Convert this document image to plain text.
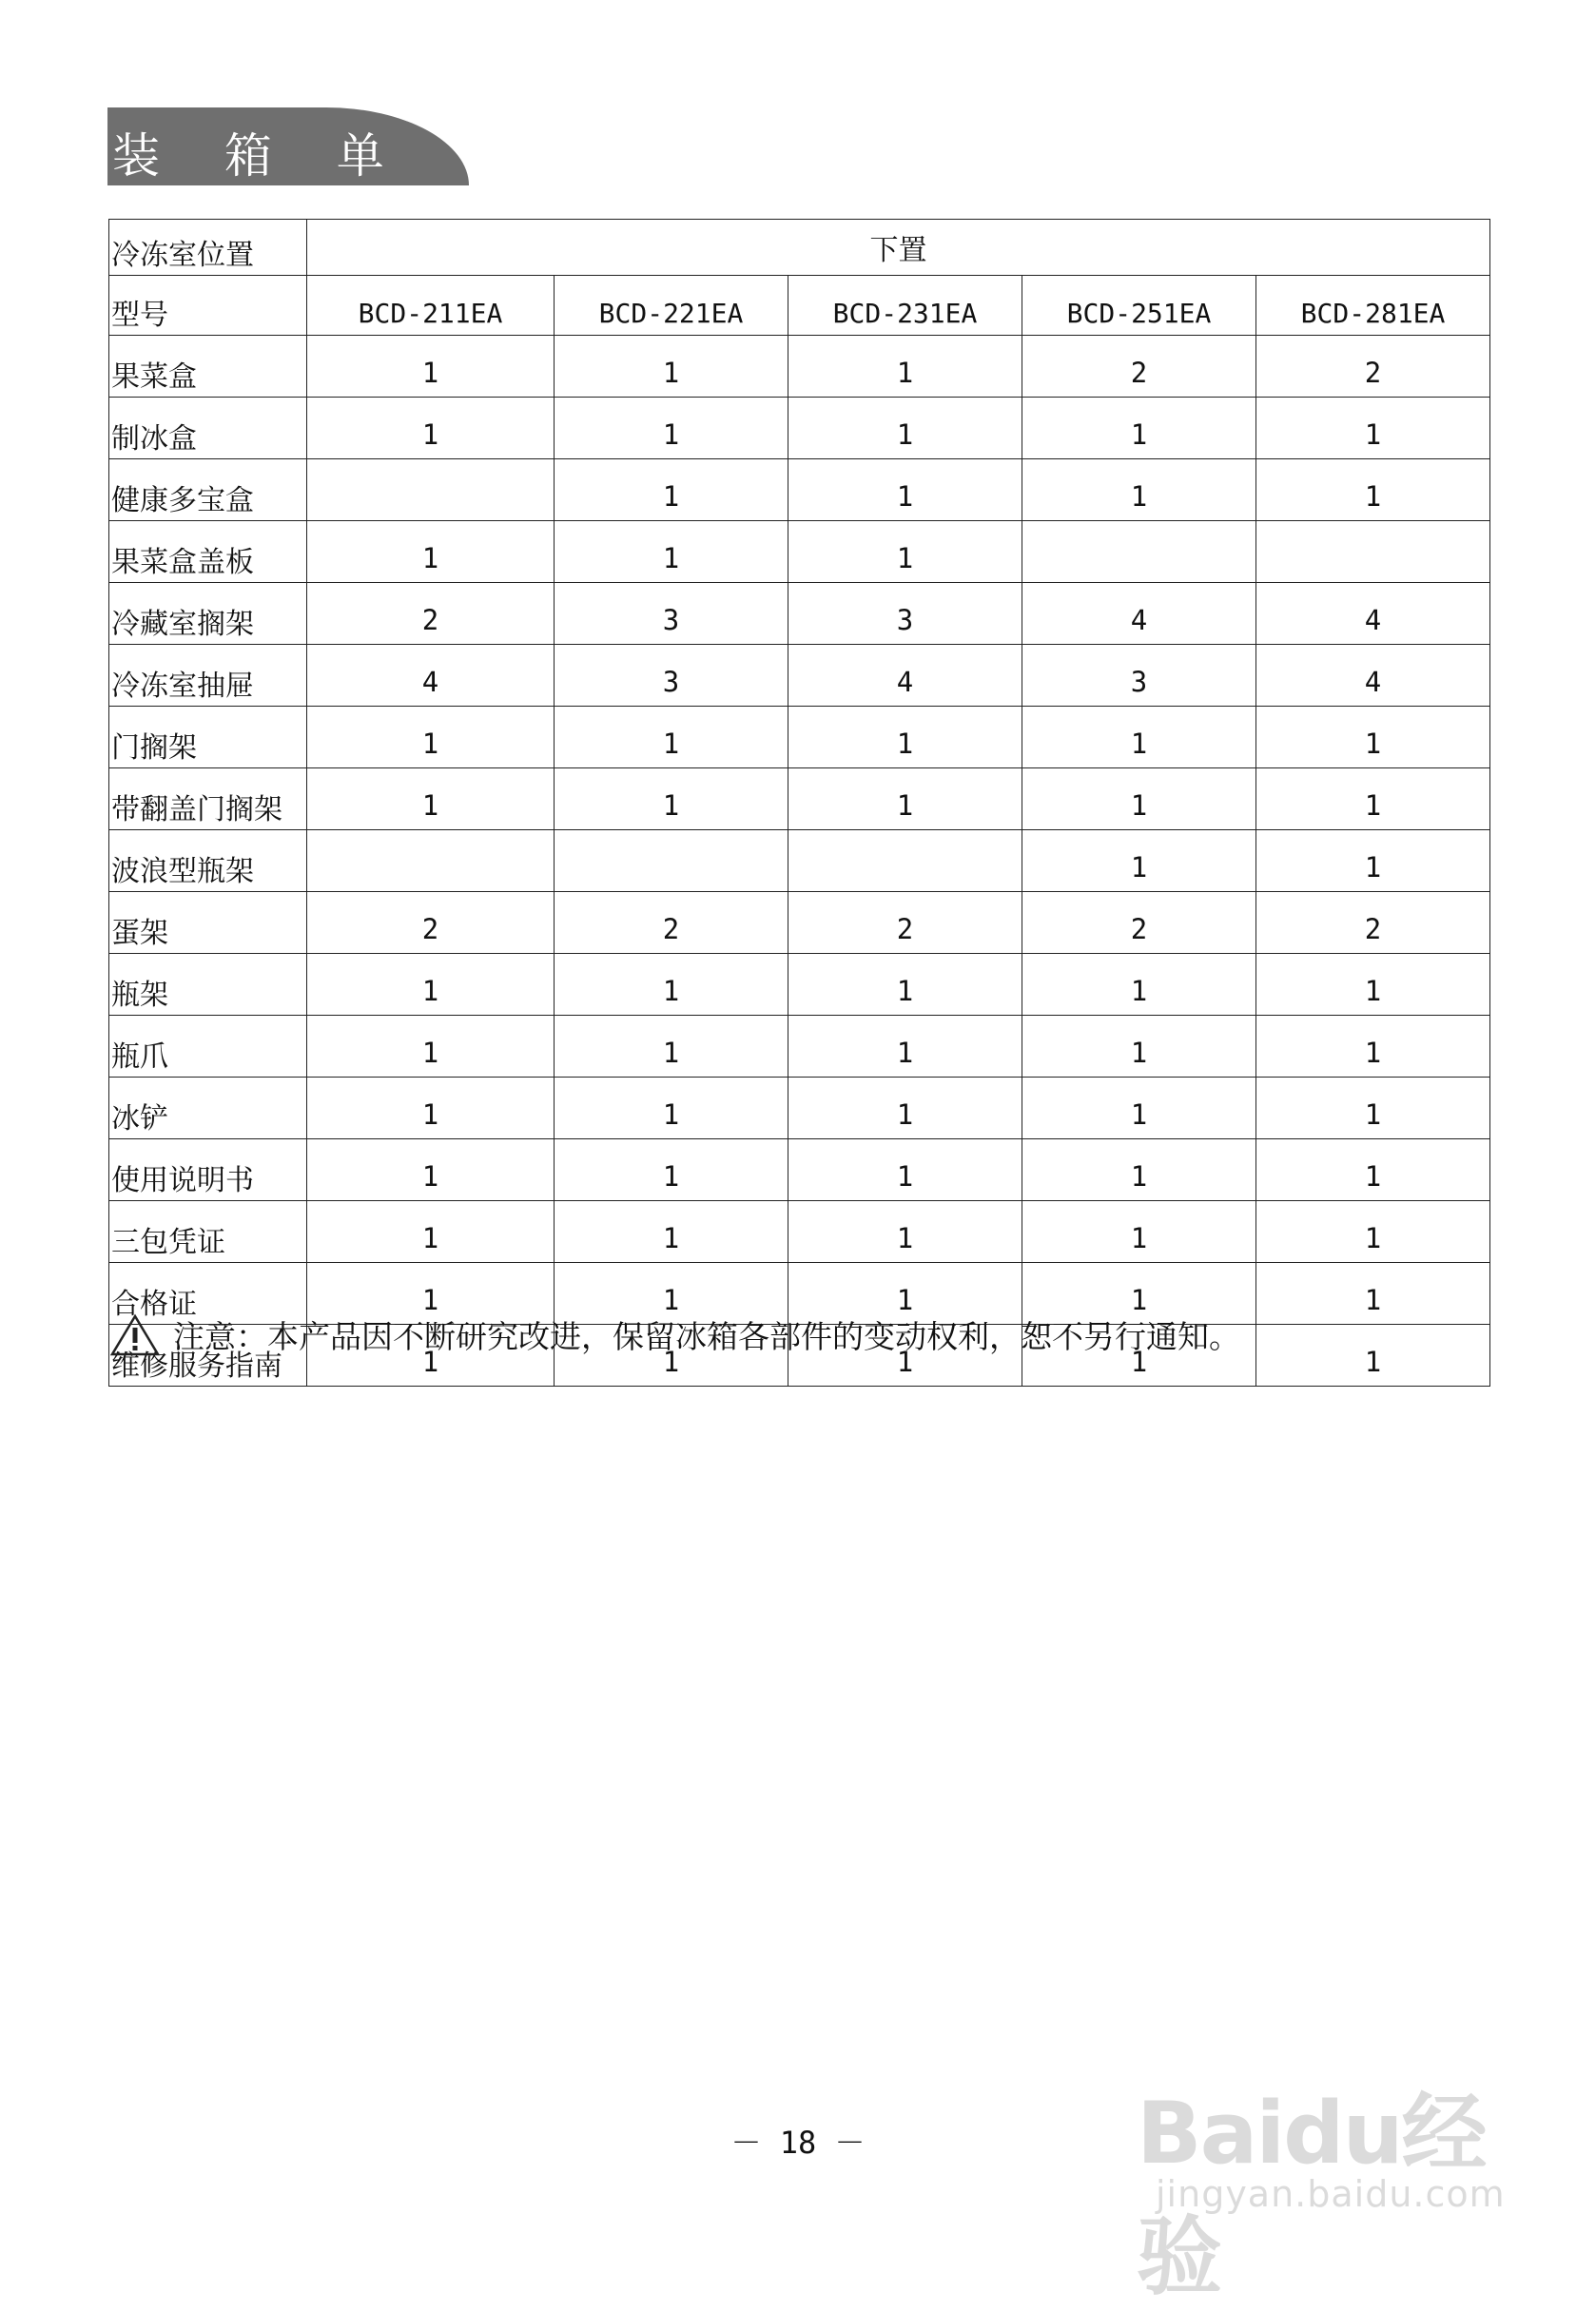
装 箱 单
冷冻室位置	下置				
型号	BCD-211EA	BCD-221EA	BCD-231EA	BCD-251EA	BCD-281EA
果菜盒	1	1	1	2	2
制冰盒	1	1	1	1	1
健康多宝盒		1	1	1	1
果菜盒盖板	1	1	1		
冷藏室搁架	2	3	3	4	4
冷冻室抽屉	4	3	4	3	4
门搁架	1	1	1	1	1
带翻盖门搁架	1	1	1	1	1
波浪型瓶架				1	1
蛋架	2	2	2	2	2
瓶架	1	1	1	1	1
瓶爪	1	1	1	1	1
冰铲	1	1	1	1	1
使用说明书	1	1	1	1	1
三包凭证	1	1	1	1	1
合格证	1	1	1	1	1
维修服务指南	1	1	1	1	1
注意：本产品因不断研究改进，保留冰箱各部件的变动权利，恕不另行通知。
－ 18 －	Baidu经验
jingyan.baidu.com
